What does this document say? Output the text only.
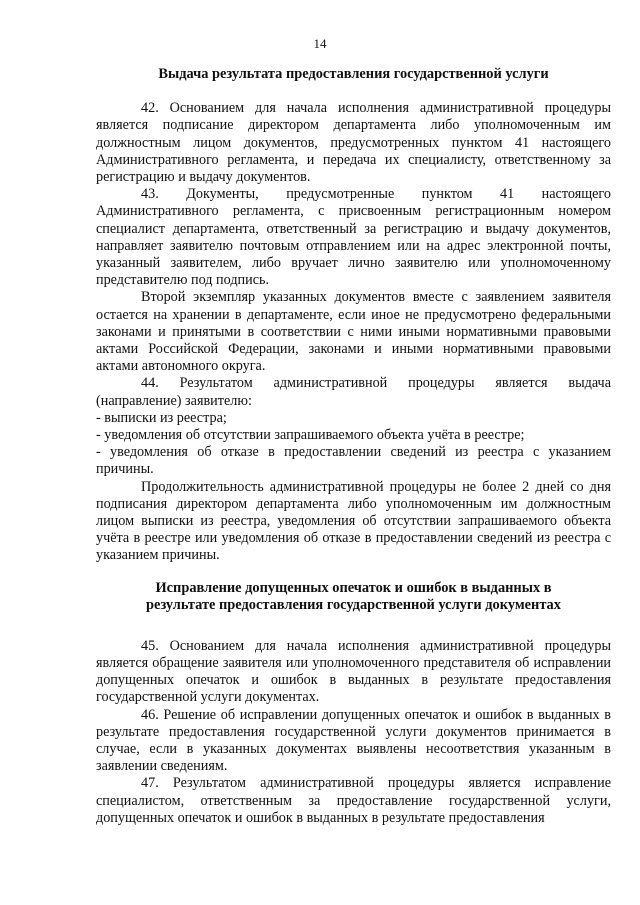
14
Выдача результата предоставления государственной услуги

42. Основанием для начала исполнения административной процедуры является подписание директором департамента либо уполномоченным им должностным лицом документов, предусмотренных пунктом 41 настоящего Административного регламента, и передача их специалисту, ответственному за регистрацию и выдачу документов.

43. Документы, предусмотренные пунктом 41 настоящего Административного регламента, с присвоенным регистрационным номером специалист департамента, ответственный за регистрацию и выдачу документов, направляет заявителю почтовым отправлением или на адрес электронной почты, указанный заявителем, либо вручает лично заявителю или уполномоченному представителю под подпись.

Второй экземпляр указанных документов вместе с заявлением заявителя остается на хранении в департаменте, если иное не предусмотрено федеральными законами и принятыми в соответствии с ними иными нормативными правовыми актами Российской Федерации, законами и иными нормативными правовыми актами автономного округа.

44. Результатом административной процедуры является выдача (направление) заявителю:

- выписки из реестра;

- уведомления об отсутствии запрашиваемого объекта учёта в реестре;

- уведомления об отказе в предоставлении сведений из реестра с указанием причины.

Продолжительность административной процедуры не более 2 дней со дня подписания директором департамента либо уполномоченным им должностным лицом выписки из реестра, уведомления об отсутствии запрашиваемого объекта учёта в реестре или уведомления об отказе в предоставлении сведений из реестра с указанием причины.

Исправление допущенных опечаток и ошибок в выданных в
результате предоставления государственной услуги документах

45. Основанием для начала исполнения административной процедуры является обращение заявителя или уполномоченного представителя об исправлении допущенных опечаток и ошибок в выданных в результате предоставления государственной услуги документах.

46. Решение об исправлении допущенных опечаток и ошибок в выданных в результате предоставления государственной услуги документов принимается в случае, если в указанных документах выявлены несоответствия указанным в заявлении сведениям.

47. Результатом административной процедуры является исправление специалистом, ответственным за предоставление государственной услуги, допущенных опечаток и ошибок в выданных в результате предоставления
